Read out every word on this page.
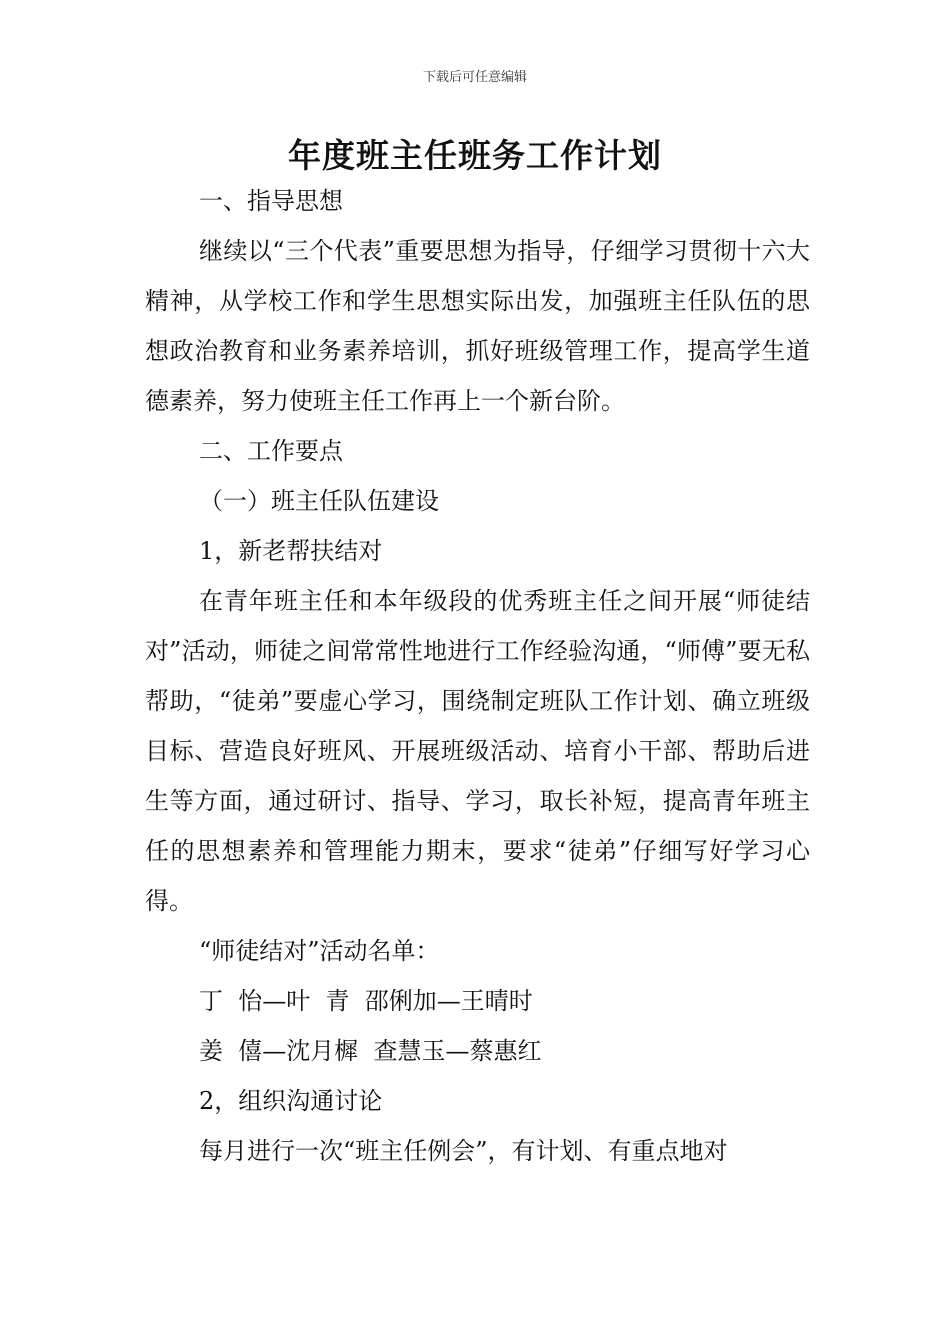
下载后可任意编辑
年度班主任班务工作计划

一、指导思想

继续以“三个代表”重要思想为指导，仔细学习贯彻十六大精神，从学校工作和学生思想实际出发，加强班主任队伍的思想政治教育和业务素养培训，抓好班级管理工作，提高学生道德素养，努力使班主任工作再上一个新台阶。

二、工作要点

（一）班主任队伍建设

1，新老帮扶结对

在青年班主任和本年级段的优秀班主任之间开展“师徒结对”活动，师徒之间常常性地进行工作经验沟通，“师傅”要无私帮助，“徒弟”要虚心学习，围绕制定班队工作计划、确立班级目标、营造良好班风、开展班级活动、培育小干部、帮助后进生等方面，通过研讨、指导、学习，取长补短，提高青年班主任的思想素养和管理能力期末，要求“徒弟”仔细写好学习心得。

“师徒结对”活动名单：

丁  怡—叶  青  邵俐加—王晴时

姜  僖—沈月樨  查慧玉—蔡惠红

2，组织沟通讨论

每月进行一次“班主任例会”，有计划、有重点地对
